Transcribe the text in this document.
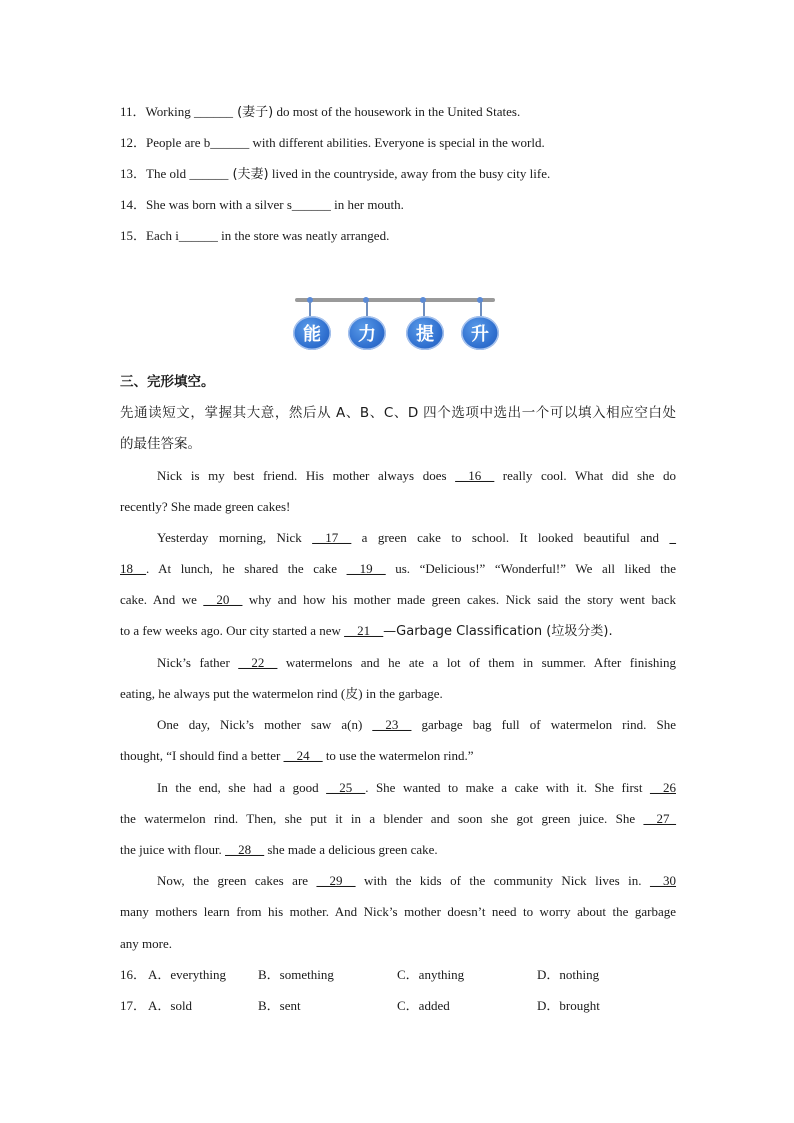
11．Working ______ (妻子) do most of the housework in the United States.
12．People are b______ with different abilities. Everyone is special in the world.
13．The old ______ (夫妻) lived in the countryside, away from the busy city life.
14．She was born with a silver s______ in her mouth.
15．Each i______ in the store was neatly arranged.
能	力	提	升
三、完形填空。
先通读短文，掌握其大意，然后从 A、B、C、D 四个选项中选出一个可以填入相应空白处
的最佳答案。
Nick is my best friend. His mother always does __16__ really cool. What did she do
recently? She made green cakes!
Yesterday morning, Nick __17__ a green cake to school. It looked beautiful and _
18__. At lunch, he shared the cake __19__ us. “Delicious!” “Wonderful!” We all liked the
cake. And we __20__ why and how his mother made green cakes. Nick said the story went back
to a few weeks ago. Our city started a new __21__—Garbage Classification (垃圾分类).
Nick’s father __22__ watermelons and he ate a lot of them in summer. After finishing
eating, he always put the watermelon rind (皮) in the garbage.
One day, Nick’s mother saw a(n) __23__ garbage bag full of watermelon rind. She
thought, “I should find a better __24__ to use the watermelon rind.”
In the end, she had a good __25__. She wanted to make a cake with it. She first __26
the watermelon rind. Then, she put it in a blender and soon she got green juice. She __27_
the juice with flour. __28__ she made a delicious green cake.
Now, the green cakes are __29__ with the kids of the community Nick lives in. __30
many mothers learn from his mother. And Nick’s mother doesn’t need to worry about the garbage
any more.
16． A．everything B．something	C．anything	D．nothing
17． A．sold	B．sent	C．added	D．brought
